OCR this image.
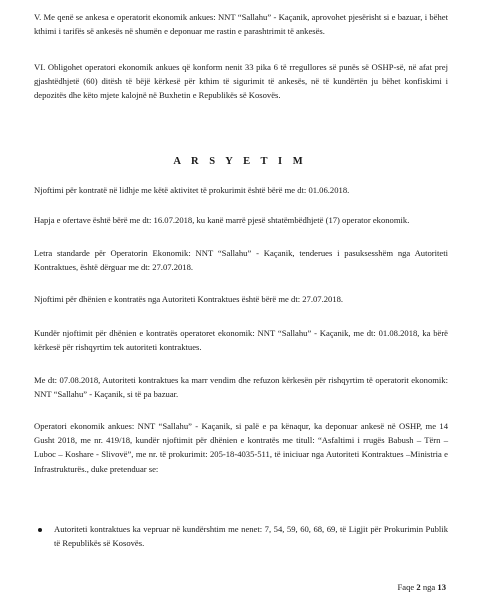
V. Me qenë se ankesa e operatorit ekonomik ankues: NNT “Sallahu” - Kaçanik, aprovohet pjesërisht si e bazuar, i bëhet kthimi i tarifës së ankesës në shumën e deponuar me rastin e parashtrimit të ankesës.

VI. Obligohet operatori ekonomik ankues që konform nenit 33 pika 6 të rregullores së punës së OSHP-së, në afat prej gjashtëdhjetë (60) ditësh të bëjë kërkesë për kthim të sigurimit të ankesës, në të kundërtën ju bëhet konfiskimi i depozitës dhe këto mjete kalojnë në Buxhetin e Republikës së Kosovës.

A R S Y E T I M

Njoftimi për kontratë në lidhje me këtë aktivitet të prokurimit është bërë me dt: 01.06.2018.

Hapja e ofertave është bërë me dt: 16.07.2018, ku kanë marrë pjesë shtatëmbëdhjetë (17) operator ekonomik.

Letra standarde për Operatorin Ekonomik: NNT “Sallahu” - Kaçanik, tenderues i pasuksesshëm nga Autoriteti Kontraktues, është dërguar me dt: 27.07.2018.

Njoftimi për dhënien e kontratës nga Autoriteti Kontraktues është bërë me dt: 27.07.2018.

Kundër njoftimit për dhënien e kontratës operatoret ekonomik: NNT “Sallahu” - Kaçanik, me dt: 01.08.2018, ka bërë kërkesë për rishqyrtim tek autoriteti kontraktues.

Me dt: 07.08.2018, Autoriteti kontraktues ka marr vendim dhe refuzon kërkesën për rishqyrtim të operatorit ekonomik: NNT “Sallahu” - Kaçanik, si të pa bazuar.

Operatori ekonomik ankues: NNT “Sallahu” - Kaçanik, si palë e pa kënaqur, ka deponuar ankesë në OSHP, me 14 Gusht 2018, me nr. 419/18, kundër njoftimit për dhënien e kontratës me titull: “Asfaltimi i rrugës Babush – Tërn – Luboc – Koshare - Slivovë”, me nr. të prokurimit: 205-18-4035-511, të iniciuar nga Autoriteti Kontraktues –Ministria e Infrastrukturës., duke pretenduar se:

Autoriteti kontraktues ka vepruar në kundërshtim me nenet: 7, 54, 59, 60, 68, 69, të Ligjit për Prokurimin Publik të Republikës së Kosovës.
Faqe 2 nga 13
